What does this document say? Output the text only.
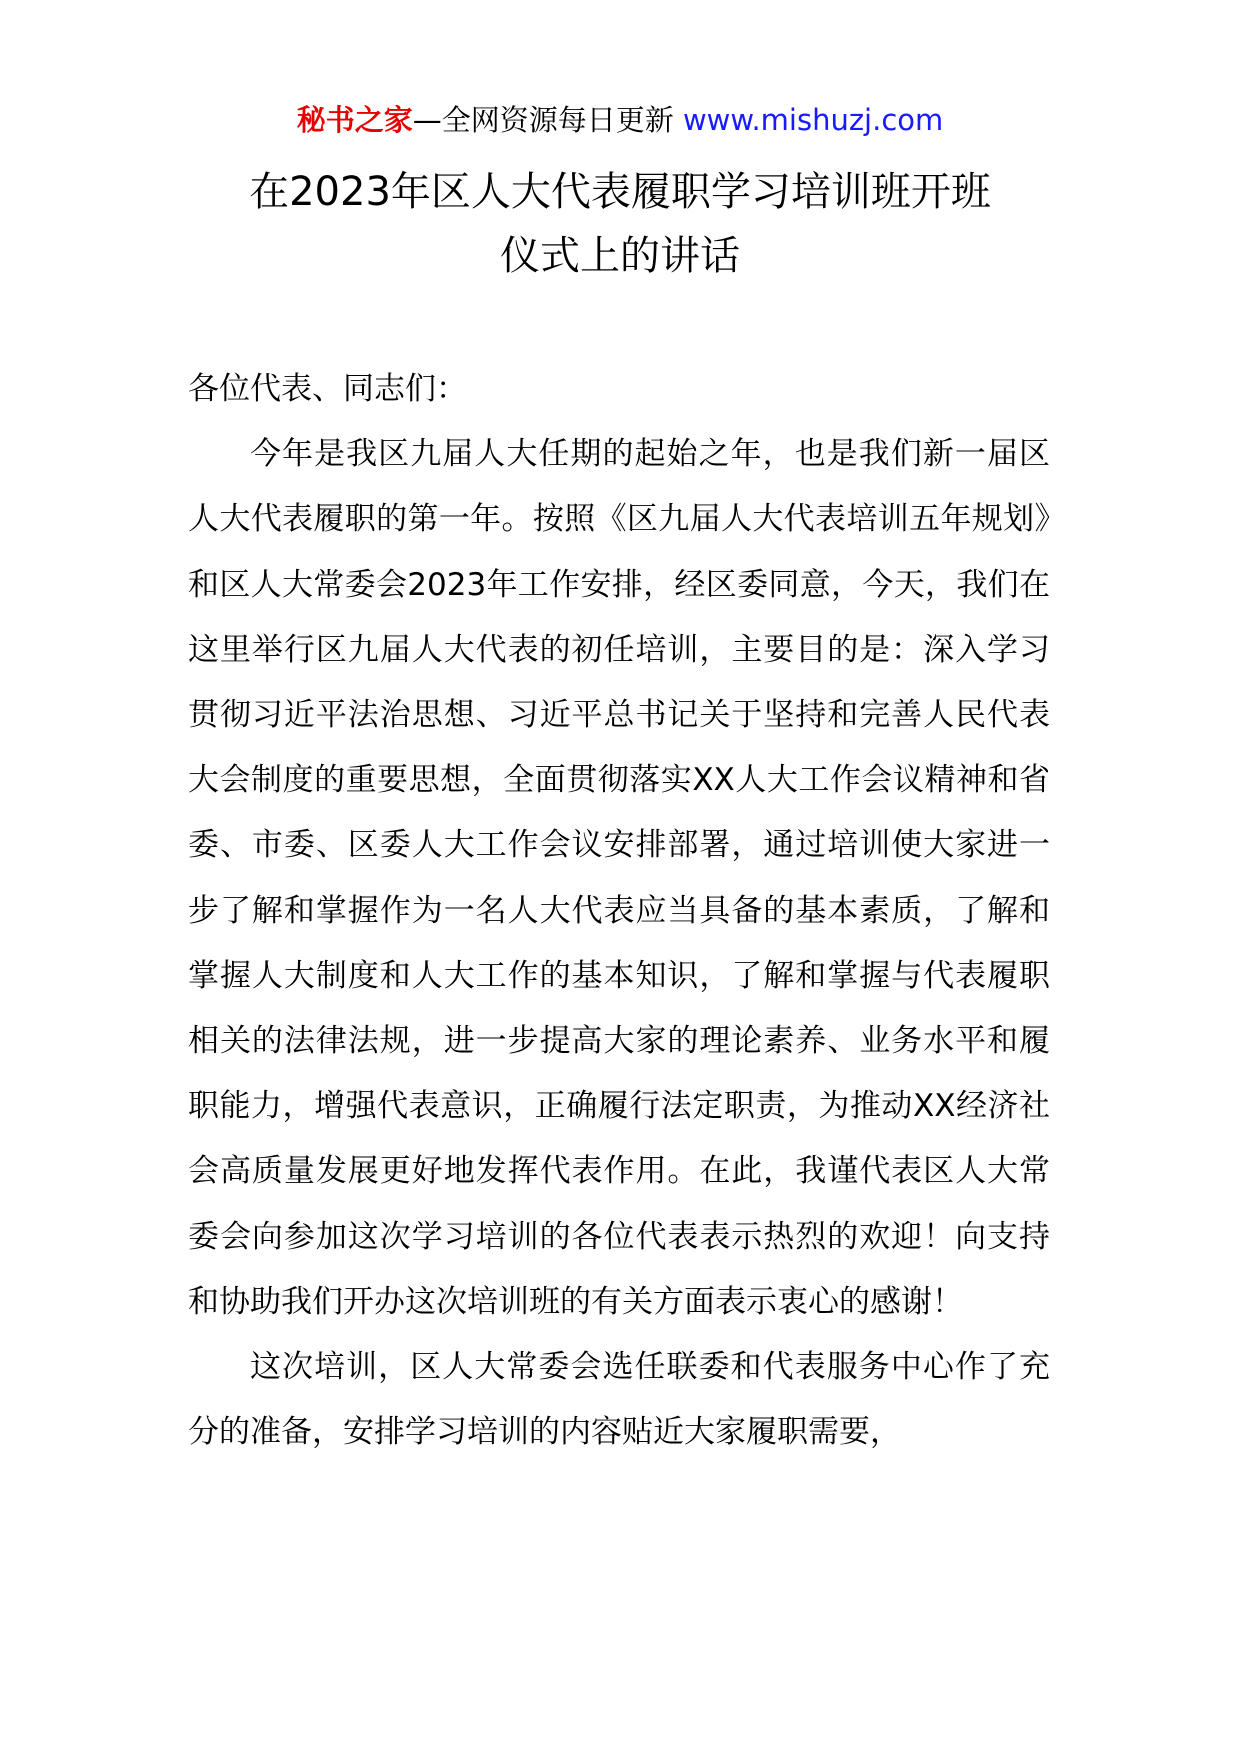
秘书之家—全网资源每日更新 www.mishuzj.com
在2023年区人大代表履职学习培训班开班
仪式上的讲话

各位代表、同志们：

今年是我区九届人大任期的起始之年，也是我们新一届区人大代表履职的第一年。按照《区九届人大代表培训五年规划》和区人大常委会2023年工作安排，经区委同意，今天，我们在这里举行区九届人大代表的初任培训，主要目的是：深入学习贯彻习近平法治思想、习近平总书记关于坚持和完善人民代表大会制度的重要思想，全面贯彻落实XX人大工作会议精神和省委、市委、区委人大工作会议安排部署，通过培训使大家进一步了解和掌握作为一名人大代表应当具备的基本素质，了解和掌握人大制度和人大工作的基本知识，了解和掌握与代表履职相关的法律法规，进一步提高大家的理论素养、业务水平和履职能力，增强代表意识，正确履行法定职责，为推动XX经济社会高质量发展更好地发挥代表作用。在此，我谨代表区人大常委会向参加这次学习培训的各位代表表示热烈的欢迎！向支持和协助我们开办这次培训班的有关方面表示衷心的感谢！

这次培训，区人大常委会选任联委和代表服务中心作了充分的准备，安排学习培训的内容贴近大家履职需要，
